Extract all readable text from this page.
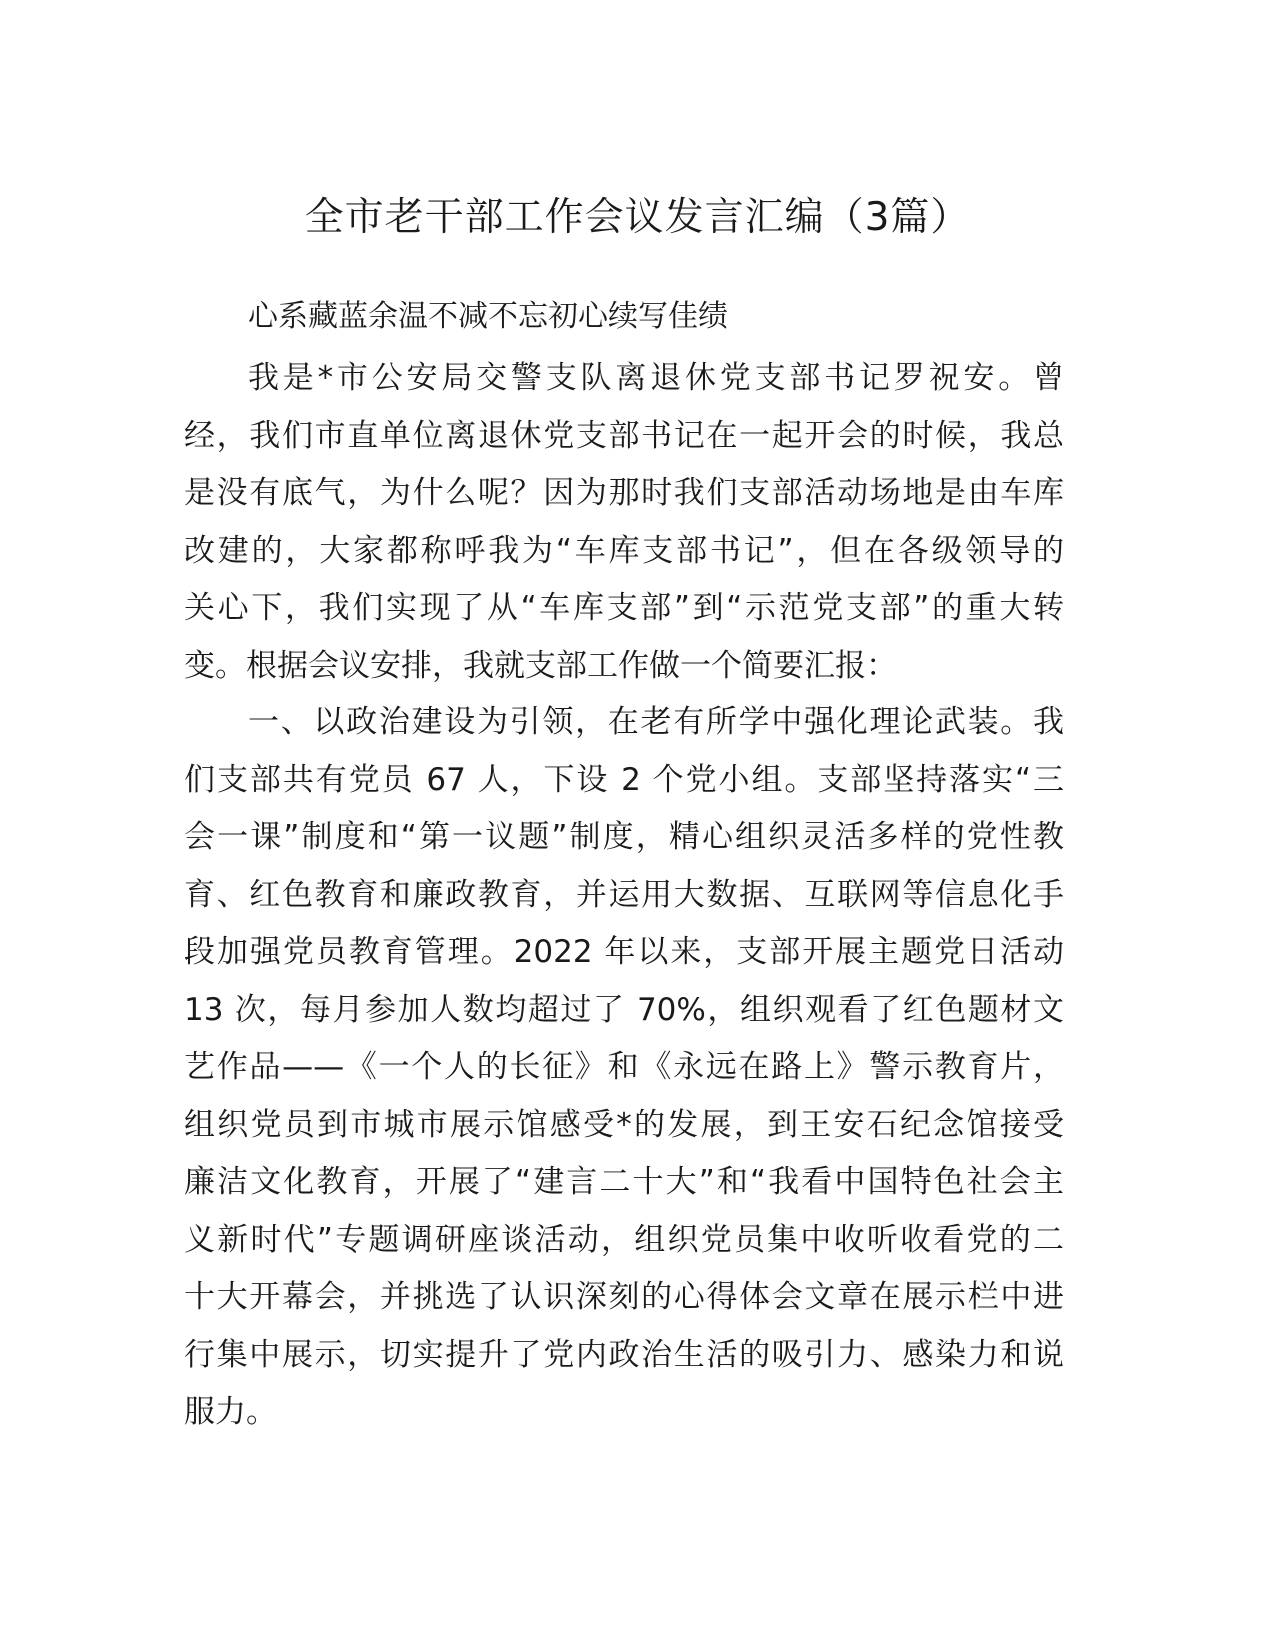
全市老干部工作会议发言汇编（3篇）

心系藏蓝余温不减不忘初心续写佳绩

我是*市公安局交警支队离退休党支部书记罗祝安。曾
经，我们市直单位离退休党支部书记在一起开会的时候，我总
是没有底气，为什么呢？因为那时我们支部活动场地是由车库
改建的，大家都称呼我为“车库支部书记”，但在各级领导的
关心下，我们实现了从“车库支部”到“示范党支部”的重大转
变。根据会议安排，我就支部工作做一个简要汇报：
一、以政治建设为引领，在老有所学中强化理论武装。我
们支部共有党员 67 人，下设 2 个党小组。支部坚持落实“三
会一课”制度和“第一议题”制度，精心组织灵活多样的党性教
育、红色教育和廉政教育，并运用大数据、互联网等信息化手
段加强党员教育管理。2022 年以来，支部开展主题党日活动
13 次，每月参加人数均超过了 70%，组织观看了红色题材文
艺作品——《一个人的长征》和《永远在路上》警示教育片，
组织党员到市城市展示馆感受*的发展，到王安石纪念馆接受
廉洁文化教育，开展了“建言二十大”和“我看中国特色社会主
义新时代”专题调研座谈活动，组织党员集中收听收看党的二
十大开幕会，并挑选了认识深刻的心得体会文章在展示栏中进
行集中展示，切实提升了党内政治生活的吸引力、感染力和说
服力。
